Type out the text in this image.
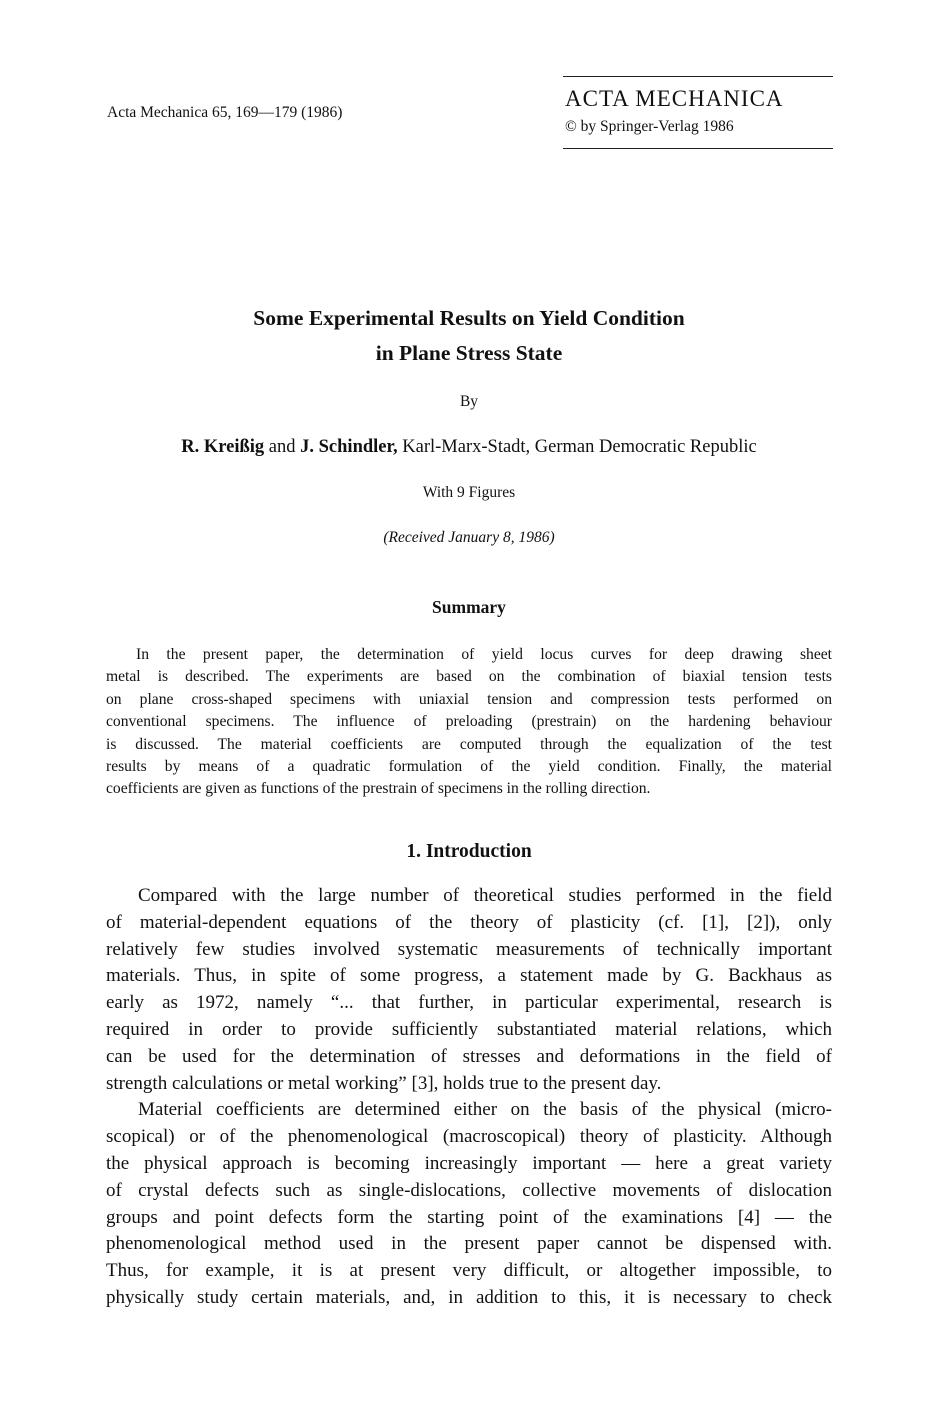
Acta Mechanica 65, 169—179 (1986)
ACTA MECHANICA
© by Springer-Verlag 1986
Some Experimental Results on Yield Condition
in Plane Stress State
By
R. Kreißig and J. Schindler, Karl-Marx-Stadt, German Democratic Republic
With 9 Figures
(Received January 8, 1986)
Summary
In the present paper, the determination of yield locus curves for deep drawing sheet
metal is described. The experiments are based on the combination of biaxial tension tests
on plane cross-shaped specimens with uniaxial tension and compression tests performed on
conventional specimens. The influence of preloading (prestrain) on the hardening behaviour
is discussed. The material coefficients are computed through the equalization of the test
results by means of a quadratic formulation of the yield condition. Finally, the material
coefficients are given as functions of the prestrain of specimens in the rolling direction.
1. Introduction
Compared with the large number of theoretical studies performed in the field
of material-dependent equations of the theory of plasticity (cf. [1], [2]), only
relatively few studies involved systematic measurements of technically important
materials. Thus, in spite of some progress, a statement made by G. Backhaus as
early as 1972, namely “... that further, in particular experimental, research is
required in order to provide sufficiently substantiated material relations, which
can be used for the determination of stresses and deformations in the field of
strength calculations or metal working” [3], holds true to the present day.
Material coefficients are determined either on the basis of the physical (micro-
scopical) or of the phenomenological (macroscopical) theory of plasticity. Although
the physical approach is becoming increasingly important — here a great variety
of crystal defects such as single-dislocations, collective movements of dislocation
groups and point defects form the starting point of the examinations [4] — the
phenomenological method used in the present paper cannot be dispensed with.
Thus, for example, it is at present very difficult, or altogether impossible, to
physically study certain materials, and, in addition to this, it is necessary to check
